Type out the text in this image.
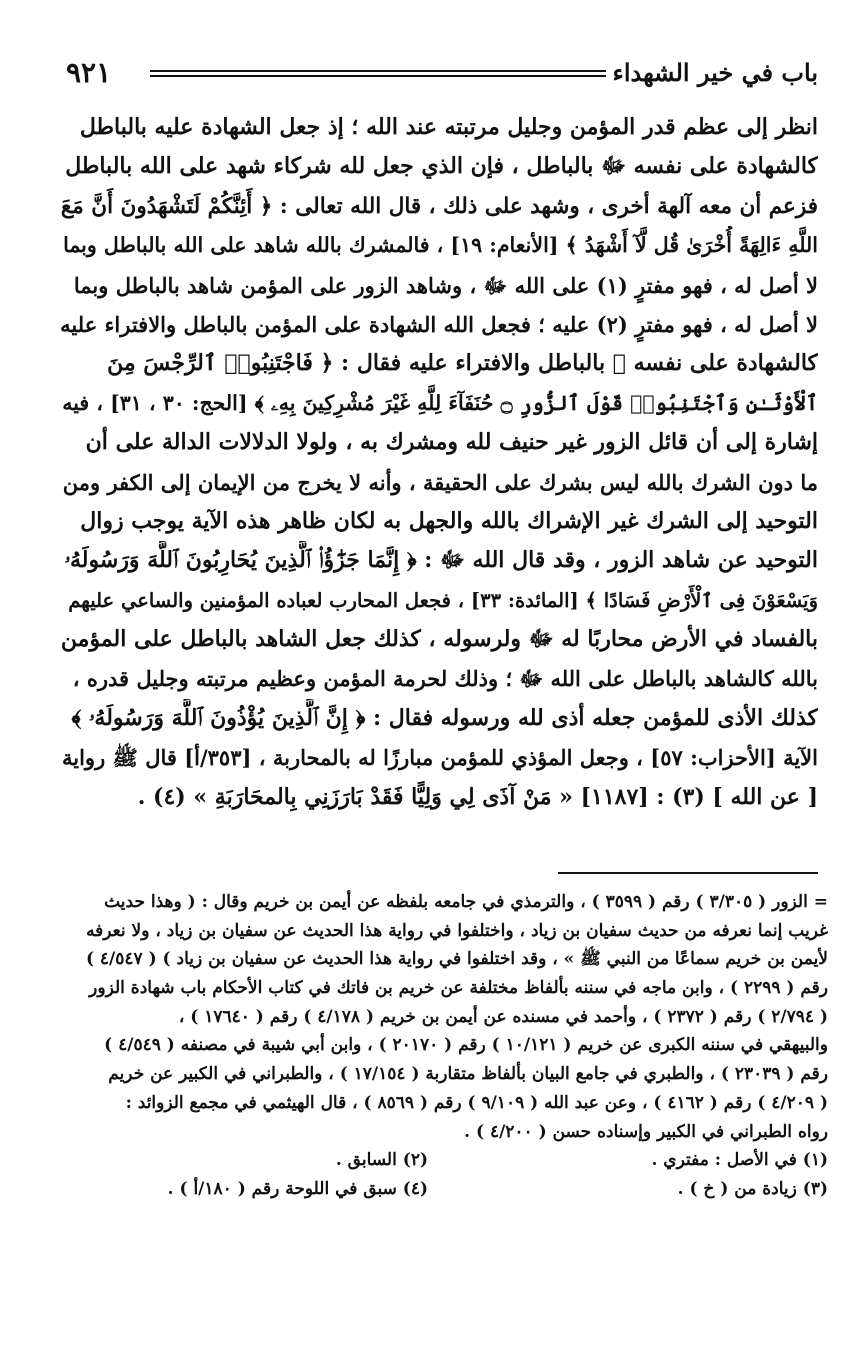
باب في خير الشهداء
٩٢١
انظر إلى عظم قدر المؤمن وجليل مرتبته عند الله ؛ إذ جعل الشهادة عليه بالباطل
كالشهادة على نفسه ﷻ بالباطل ، فإن الذي جعل لله شركاء شهد على الله بالباطل
فزعم أن معه آلهة أخرى ، وشهد على ذلك ، قال الله تعالى : ﴿ أَئِنَّكُمْ لَتَشْهَدُونَ أَنَّ مَعَ
اللَّهِ ءَالِهَةً أُخْرَىٰ قُل لَّآ أَشْهَدُ ﴾ [الأنعام: ١٩] ، فالمشرك بالله شاهد على الله بالباطل وبما
لا أصل له ، فهو مفترٍ (١) على الله ﷻ ، وشاهد الزور على المؤمن شاهد بالباطل وبما
لا أصل له ، فهو مفترٍ (٢) عليه ؛ فجعل الله الشهادة على المؤمن بالباطل والافتراء عليه
كالشهادة على نفسه ﷻ بالباطل والافتراء عليه فقال : ﴿ فَاجْتَنِبُوا۟ ٱلرِّجْسَ مِنَ
ٱلْأَوْثَـٰنِ وَٱجْتَنِبُوا۟ قَوْلَ ٱلزُّورِ ۝ حُنَفَآءَ لِلَّهِ غَيْرَ مُشْرِكِينَ بِهِۦ ﴾ [الحج: ٣٠ ، ٣١] ، فيه
إشارة إلى أن قائل الزور غير حنيف لله ومشرك به ، ولولا الدلالات الدالة على أن
ما دون الشرك بالله ليس بشرك على الحقيقة ، وأنه لا يخرج من الإيمان إلى الكفر ومن
التوحيد إلى الشرك غير الإشراك بالله والجهل به لكان ظاهر هذه الآية يوجب زوال
التوحيد عن شاهد الزور ، وقد قال الله ﷻ : ﴿ إِنَّمَا جَزَٰٓؤُا۟ ٱلَّذِينَ يُحَارِبُونَ ٱللَّهَ وَرَسُولَهُۥ
وَيَسْعَوْنَ فِى ٱلْأَرْضِ فَسَادًا ﴾ [المائدة: ٣٣] ، فجعل المحارب لعباده المؤمنين والساعي عليهم
بالفساد في الأرض محاربًا له ﷻ ولرسوله ، كذلك جعل الشاهد بالباطل على المؤمن
بالله كالشاهد بالباطل على الله ﷻ ؛ وذلك لحرمة المؤمن وعظيم مرتبته وجليل قدره ،
كذلك الأذى للمؤمن جعله أذى لله ورسوله فقال : ﴿ إِنَّ ٱلَّذِينَ يُؤْذُونَ ٱللَّهَ وَرَسُولَهُۥ ﴾
الآية [الأحزاب: ٥٧] ، وجعل المؤذي للمؤمن مبارزًا له بالمحاربة ، [٣٥٣/أ] قال ﷺ رواية
[ عن الله ] (٣) : [١١٨٧] « مَنْ آذَى لِي وَلِيًّا فَقَدْ بَارَزَنِي بِالمحَارَبَةِ » (٤) .
= الزور ( ٣/٣٠٥ ) رقم ( ٣٥٩٩ ) ، والترمذي في جامعه بلفظه عن أيمن بن خريم وقال : ( وهذا حديث
غريب إنما نعرفه من حديث سفيان بن زياد ، واختلفوا في رواية هذا الحديث عن سفيان بن زياد ، ولا نعرفه
لأيمن بن خريم سماعًا من النبي ﷺ » ، وقد اختلفوا في رواية هذا الحديث عن سفيان بن زياد ) ( ٤/٥٤٧ )
رقم ( ٢٢٩٩ ) ، وابن ماجه في سننه بألفاظ مختلفة عن خريم بن فاتك في كتاب الأحكام باب شهادة الزور
( ٢/٧٩٤ ) رقم ( ٢٣٧٢ ) ، وأحمد في مسنده عن أيمن بن خريم ( ٤/١٧٨ ) رقم ( ١٧٦٤٠ ) ،
والبيهقي في سننه الكبرى عن خريم ( ١٠/١٢١ ) رقم ( ٢٠١٧٠ ) ، وابن أبي شيبة في مصنفه ( ٤/٥٤٩ )
رقم ( ٢٣٠٣٩ ) ، والطبري في جامع البيان بألفاظ متقاربة ( ١٧/١٥٤ ) ، والطبراني في الكبير عن خريم
( ٤/٢٠٩ ) رقم ( ٤١٦٢ ) ، وعن عبد الله ( ٩/١٠٩ ) رقم ( ٨٥٦٩ ) ، قال الهيثمي في مجمع الزوائد :
رواه الطبراني في الكبير وإسناده حسن ( ٤/٢٠٠ ) .
(١) في الأصل : مفتري .
(٢) السابق .
(٣) زيادة من ( خ ) .
(٤) سبق في اللوحة رقم ( ١٨٠/أ ) .
